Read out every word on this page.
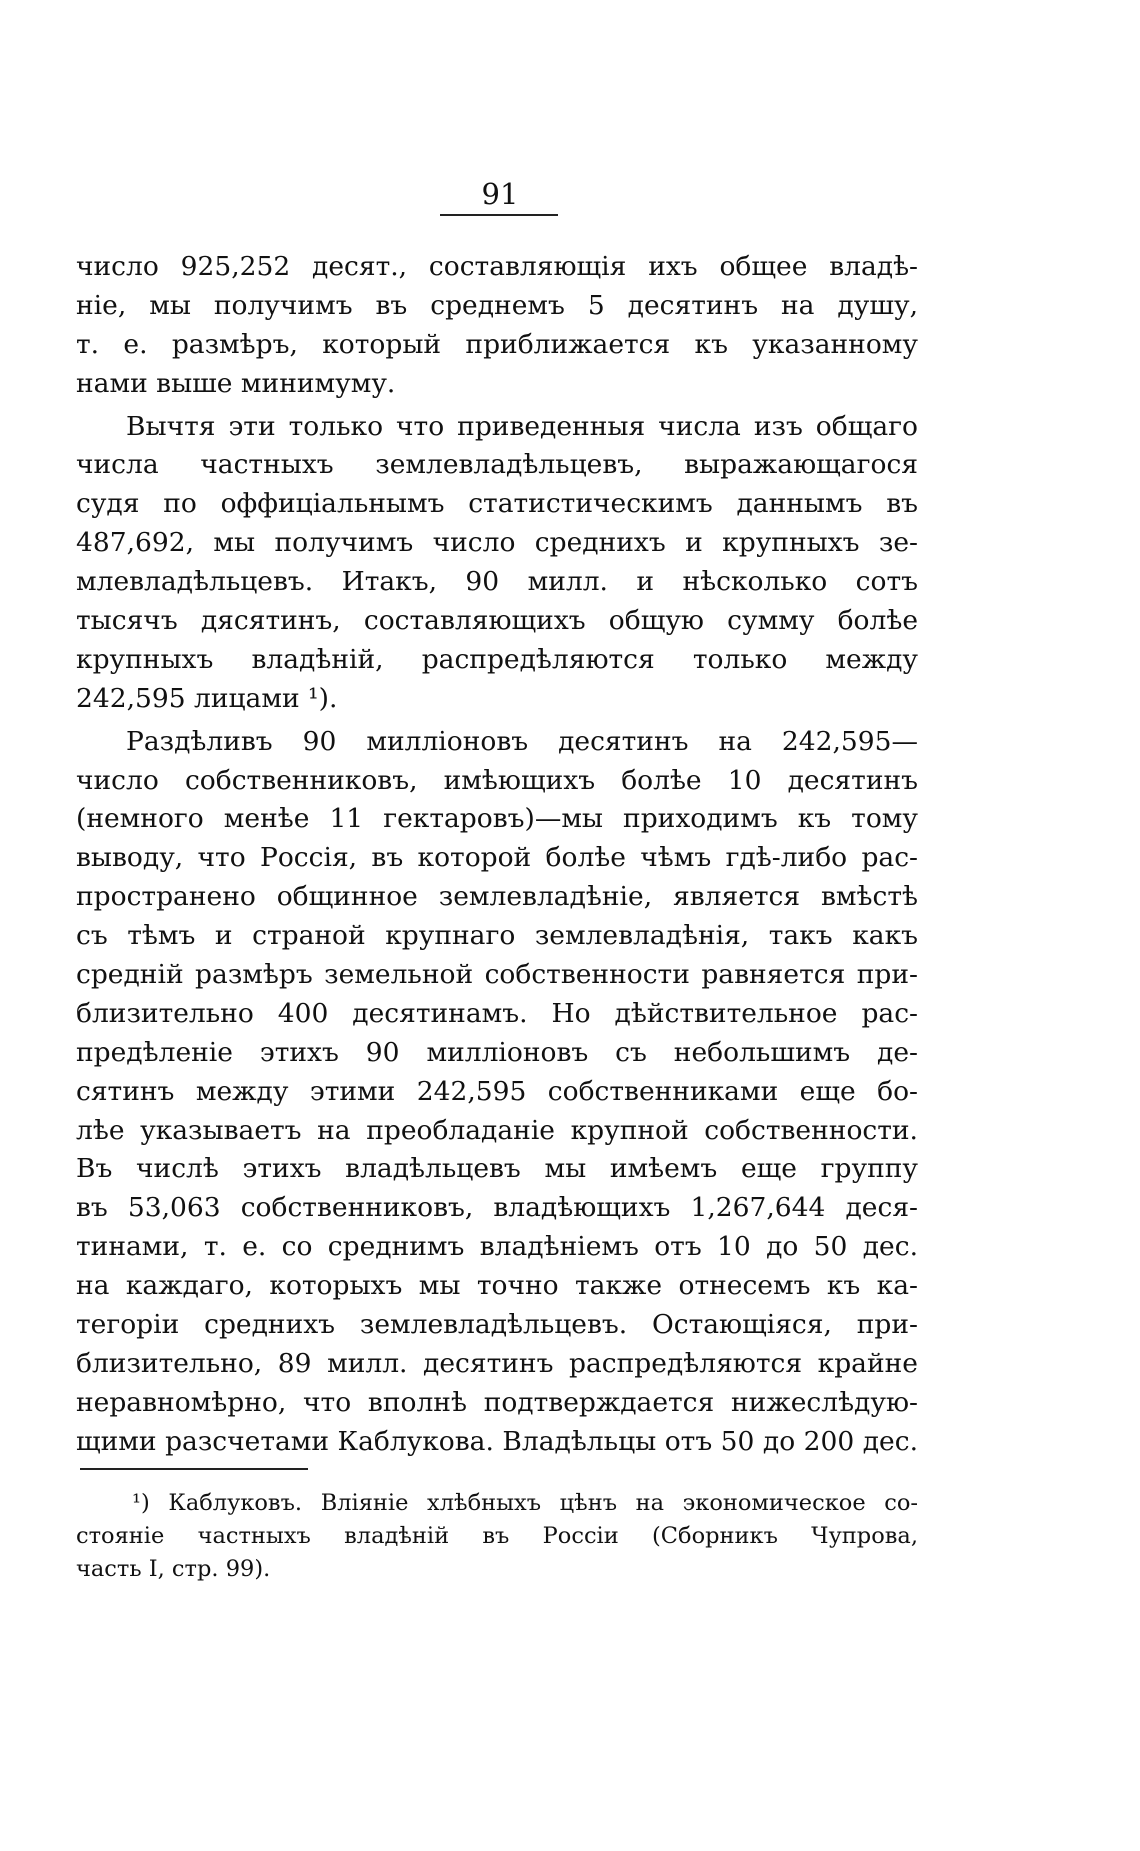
91
число 925,252 десят., составляющія ихъ общее владѣ-
ніе, мы получимъ въ среднемъ 5 десятинъ на душу,
т. е. размѣръ, который приближается къ указанному
нами выше минимуму.
Вычтя эти только что приведенныя числа изъ общаго
числа частныхъ землевладѣльцевъ, выражающагося
судя по оффиціальнымъ статистическимъ даннымъ въ
487,692, мы получимъ число среднихъ и крупныхъ зе-
млевладѣльцевъ. Итакъ, 90 милл. и нѣсколько сотъ
тысячъ дясятинъ, составляющихъ общую сумму болѣе
крупныхъ владѣній, распредѣляются только между
242,595 лицами ¹).
Раздѣливъ 90 милліоновъ десятинъ на 242,595—
число собственниковъ, имѣющихъ болѣе 10 десятинъ
(немного менѣе 11 гектаровъ)—мы приходимъ къ тому
выводу, что Россія, въ которой болѣе чѣмъ гдѣ-либо рас-
пространено общинное землевладѣніе, является вмѣстѣ
съ тѣмъ и страной крупнаго землевладѣнія, такъ какъ
средній размѣръ земельной собственности равняется при-
близительно 400 десятинамъ. Но дѣйствительное рас-
предѣленіе этихъ 90 милліоновъ съ небольшимъ де-
сятинъ между этими 242,595 собственниками еще бо-
лѣе указываетъ на преобладаніе крупной собственности.
Въ числѣ этихъ владѣльцевъ мы имѣемъ еще группу
въ 53,063 собственниковъ, владѣющихъ 1,267,644 деся-
тинами, т. е. со среднимъ владѣніемъ отъ 10 до 50 дес.
на каждаго, которыхъ мы точно также отнесемъ къ ка-
тегоріи среднихъ землевладѣльцевъ. Остающіяся, при-
близительно, 89 милл. десятинъ распредѣляются крайне
неравномѣрно, что вполнѣ подтверждается нижеслѣдую-
щими разсчетами Каблукова. Владѣльцы отъ 50 до 200 дес.
¹) Каблуковъ. Вліяніе хлѣбныхъ цѣнъ на экономическое со-
стояніе частныхъ владѣній въ Россіи (Сборникъ Чупрова,
часть I, стр. 99).
